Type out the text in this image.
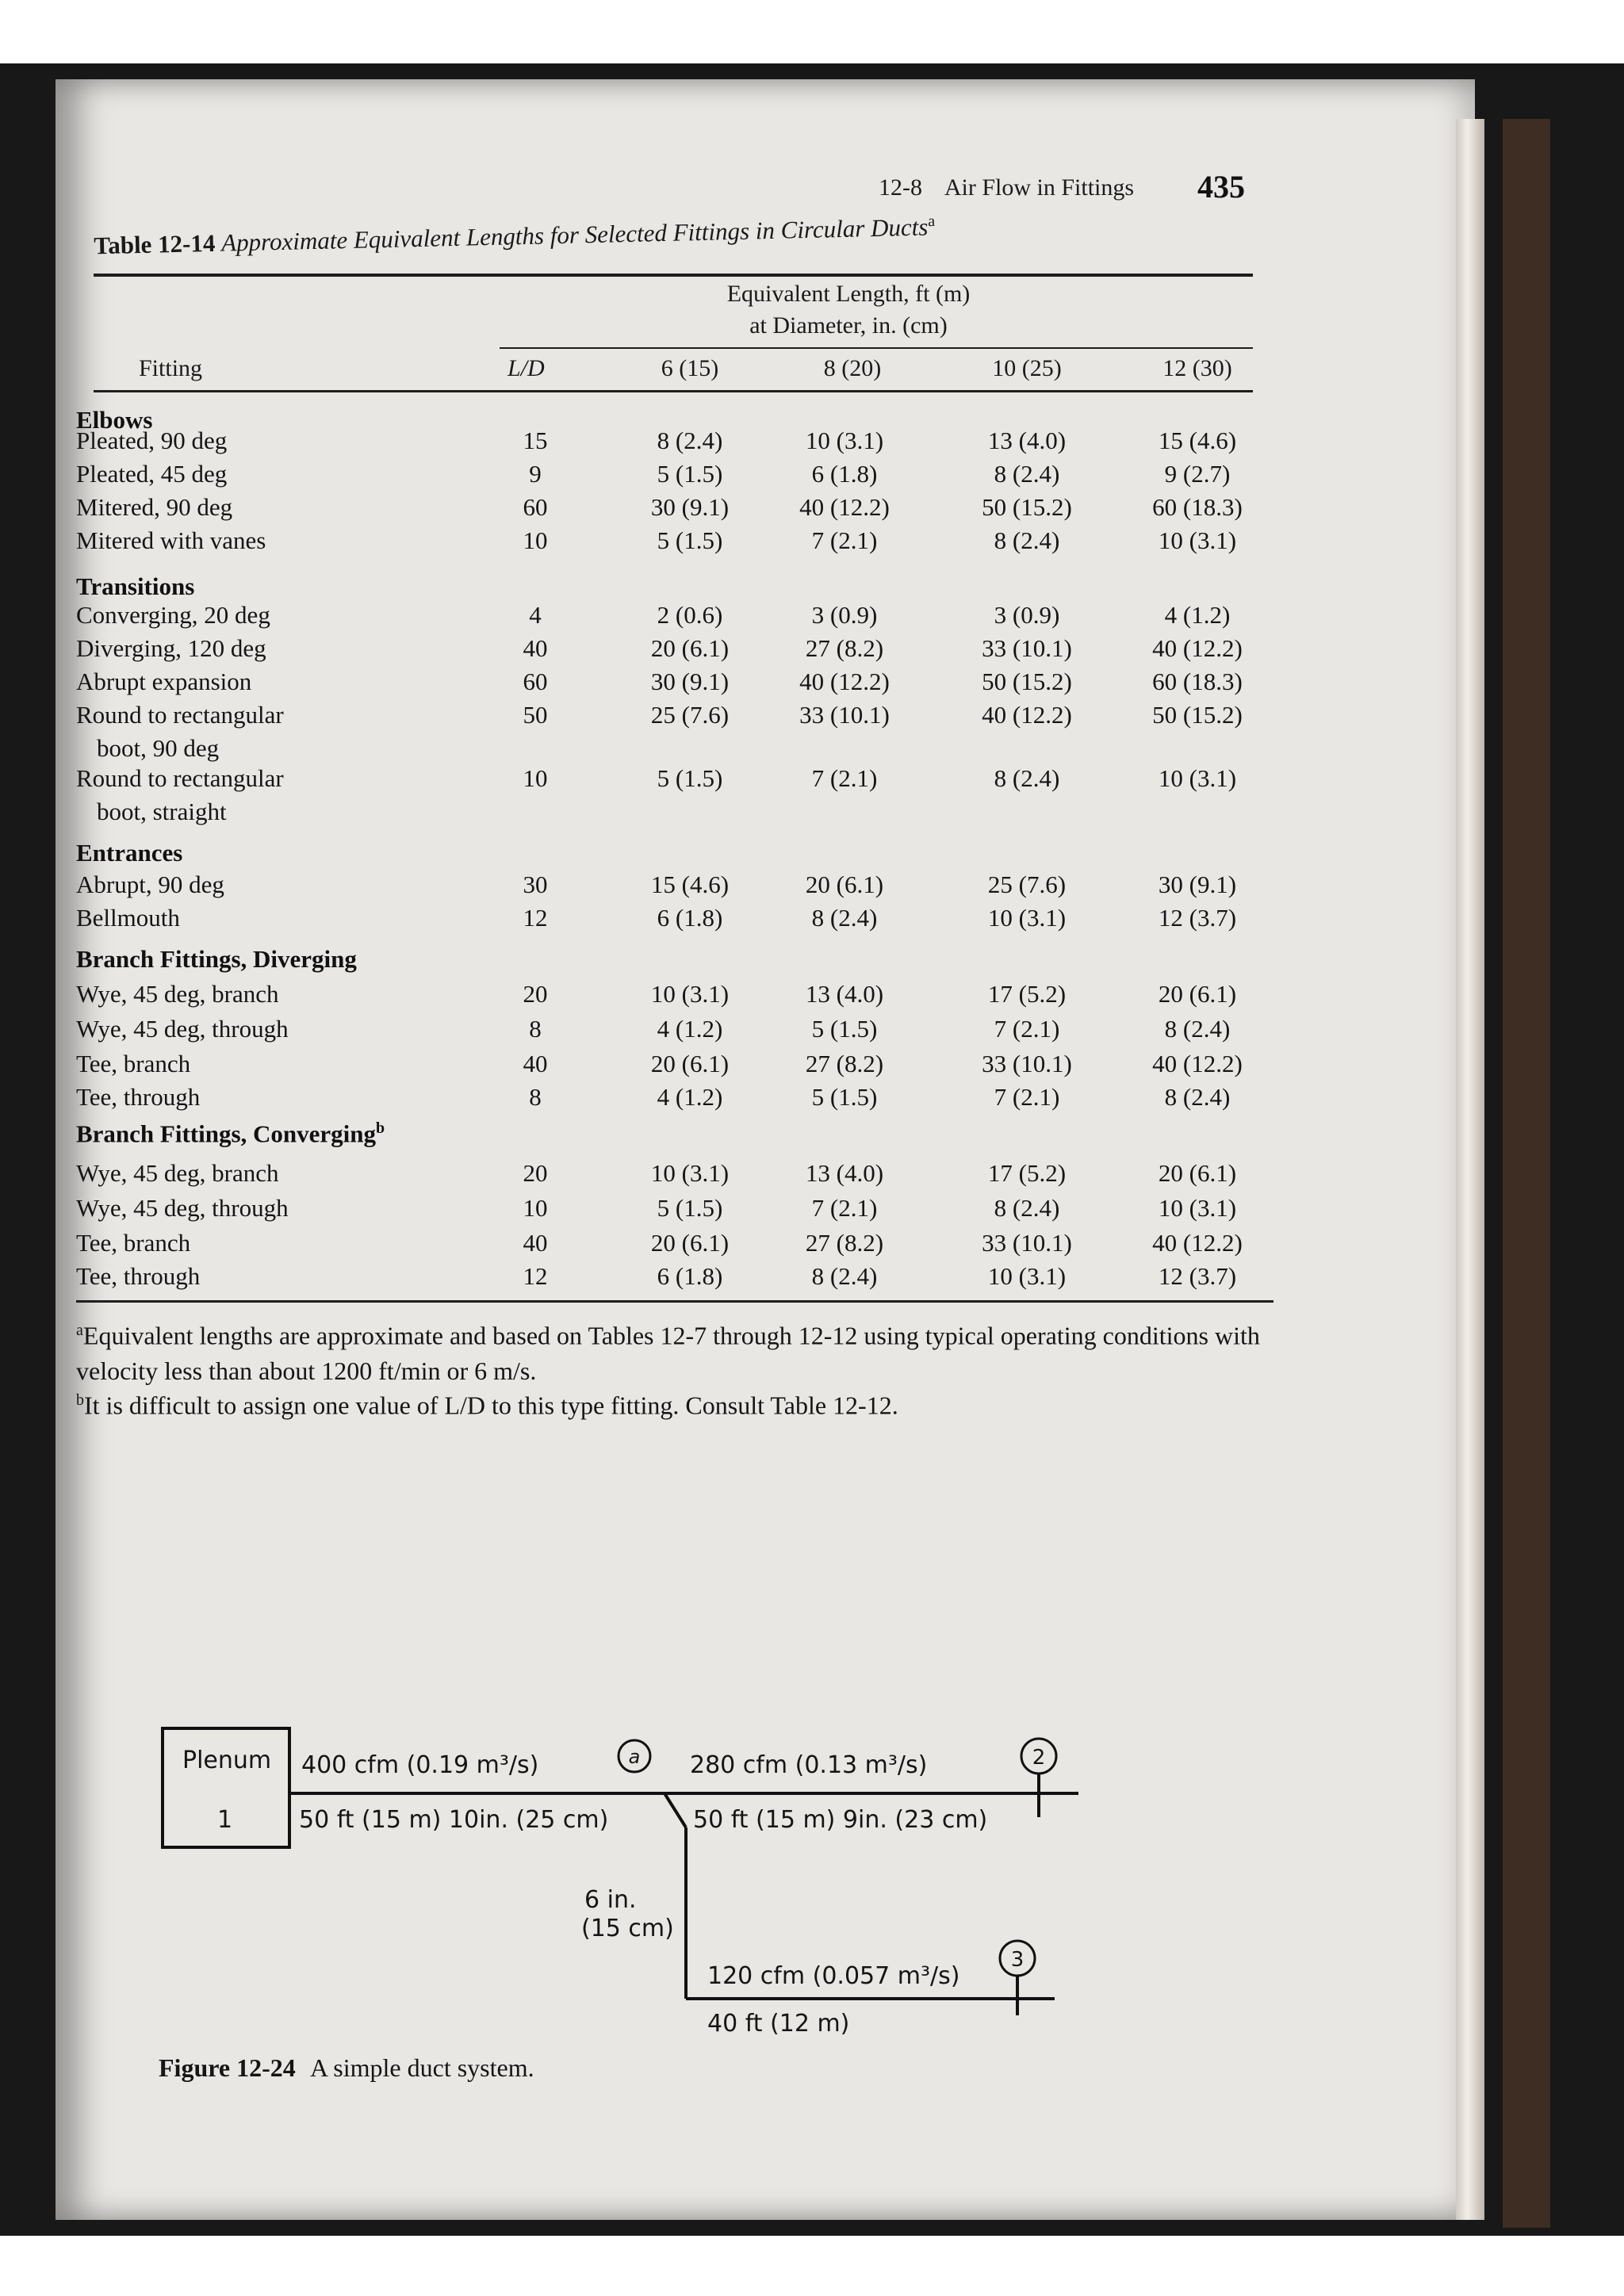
12-8 Air Flow in Fittings 435
Table 12-14 Approximate Equivalent Lengths for Selected Fittings in Circular Ducts$^a$
Equivalent Length, ft (m)
at Diameter, in. (cm)
Fitting	L/D	6 (15)	8 (20)	10 (25)	12 (30)
Elbows
Pleated, 90 deg	15	8 (2.4)	10 (3.1)	13 (4.0)	15 (4.6)
Pleated, 45 deg	9	5 (1.5)	6 (1.8)	8 (2.4)	9 (2.7)
Mitered, 90 deg	60	30 (9.1)	40 (12.2)	50 (15.2)	60 (18.3)
Mitered with vanes	10	5 (1.5)	7 (2.1)	8 (2.4)	10 (3.1)
Transitions
Converging, 20 deg	4	2 (0.6)	3 (0.9)	3 (0.9)	4 (1.2)
Diverging, 120 deg	40	20 (6.1)	27 (8.2)	33 (10.1)	40 (12.2)
Abrupt expansion	60	30 (9.1)	40 (12.2)	50 (15.2)	60 (18.3)
Round to rectangular
boot, 90 deg
50	25 (7.6)	33 (10.1)	40 (12.2)	50 (15.2)
Round to rectangular
boot, straight
10	5 (1.5)	7 (2.1)	8 (2.4)	10 (3.1)
Entrances
Abrupt, 90 deg	30	15 (4.6)	20 (6.1)	25 (7.6)	30 (9.1)
Bellmouth	12	6 (1.8)	8 (2.4)	10 (3.1)	12 (3.7)
Branch Fittings, Diverging
Wye, 45 deg, branch	20	10 (3.1)	13 (4.0)	17 (5.2)	20 (6.1)
Wye, 45 deg, through	8	4 (1.2)	5 (1.5)	7 (2.1)	8 (2.4)
Tee, branch	40	20 (6.1)	27 (8.2)	33 (10.1)	40 (12.2)
Tee, through	8	4 (1.2)	5 (1.5)	7 (2.1)	8 (2.4)
Branch Fittings, Converging$^b$
Wye, 45 deg, branch	20	10 (3.1)	13 (4.0)	17 (5.2)	20 (6.1)
Wye, 45 deg, through	10	5 (1.5)	7 (2.1)	8 (2.4)	10 (3.1)
Tee, branch	40	20 (6.1)	27 (8.2)	33 (10.1)	40 (12.2)
Tee, through	12	6 (1.8)	8 (2.4)	10 (3.1)	12 (3.7)
$^a$Equivalent lengths are approximate and based on Tables 12-7 through 12-12 using typical operating conditions with velocity less than about 1200 ft/min or 6 m/s.
$^b$It is difficult to assign one value of L/D to this type fitting. Consult Table 12-12.
Plenum
1
a	2
3
400 cfm (0.19 m³/s)
50 ft (15 m) 10in. (25 cm)
280 cfm (0.13 m³/s)
50 ft (15 m) 9in. (23 cm)
6 in.
(15 cm)
120 cfm (0.057 m³/s)
40 ft (12 m)
Figure 12-24 A simple duct system.
